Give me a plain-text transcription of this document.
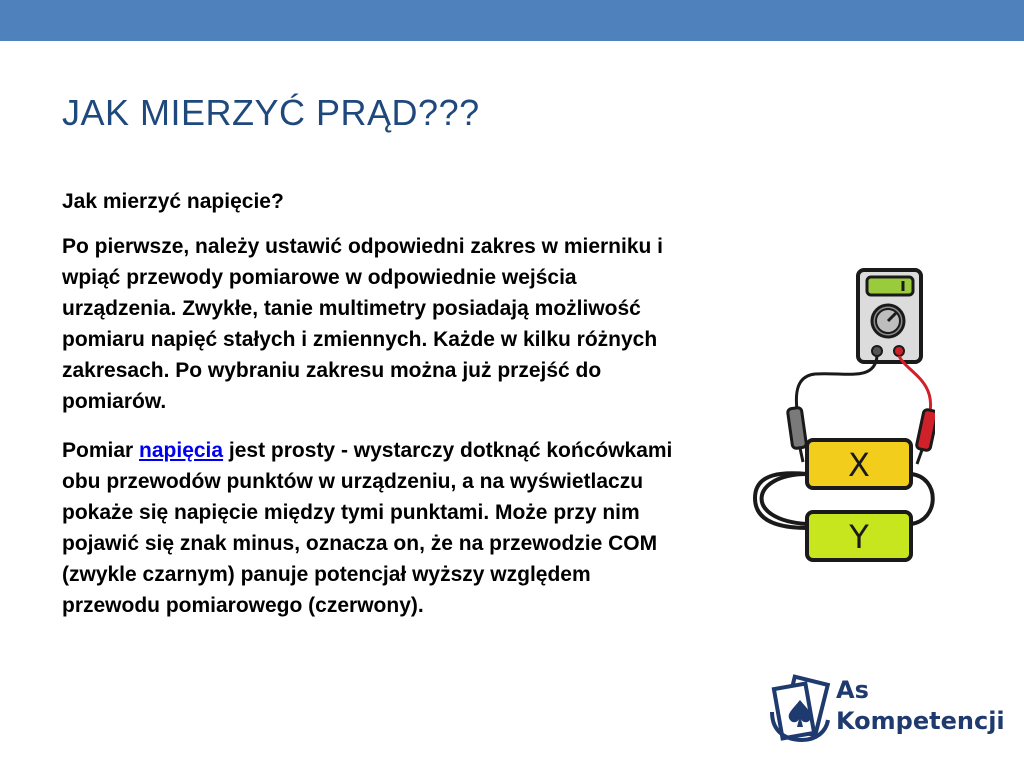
JAK MIERZYĆ PRĄD???

Jak mierzyć napięcie?

Po pierwsze, należy ustawić odpowiedni zakres w mierniku i wpiąć przewody pomiarowe w odpowiednie wejścia urządzenia. Zwykłe, tanie multimetry posiadają możliwość pomiaru napięć stałych i zmiennych. Każde w kilku różnych zakresach. Po wybraniu zakresu można już przejść do pomiarów.

Pomiar napięcia jest prosty - wystarczy dotknąć końcówkami obu przewodów punktów w urządzeniu, a na wyświetlaczu pokaże się napięcie między tymi punktami. Może przy nim pojawić się znak minus, oznacza on, że na przewodzie COM (zwykle czarnym) panuje potencjał wyższy względem przewodu pomiarowego (czerwony).

X
Y
As
Kompetencji
